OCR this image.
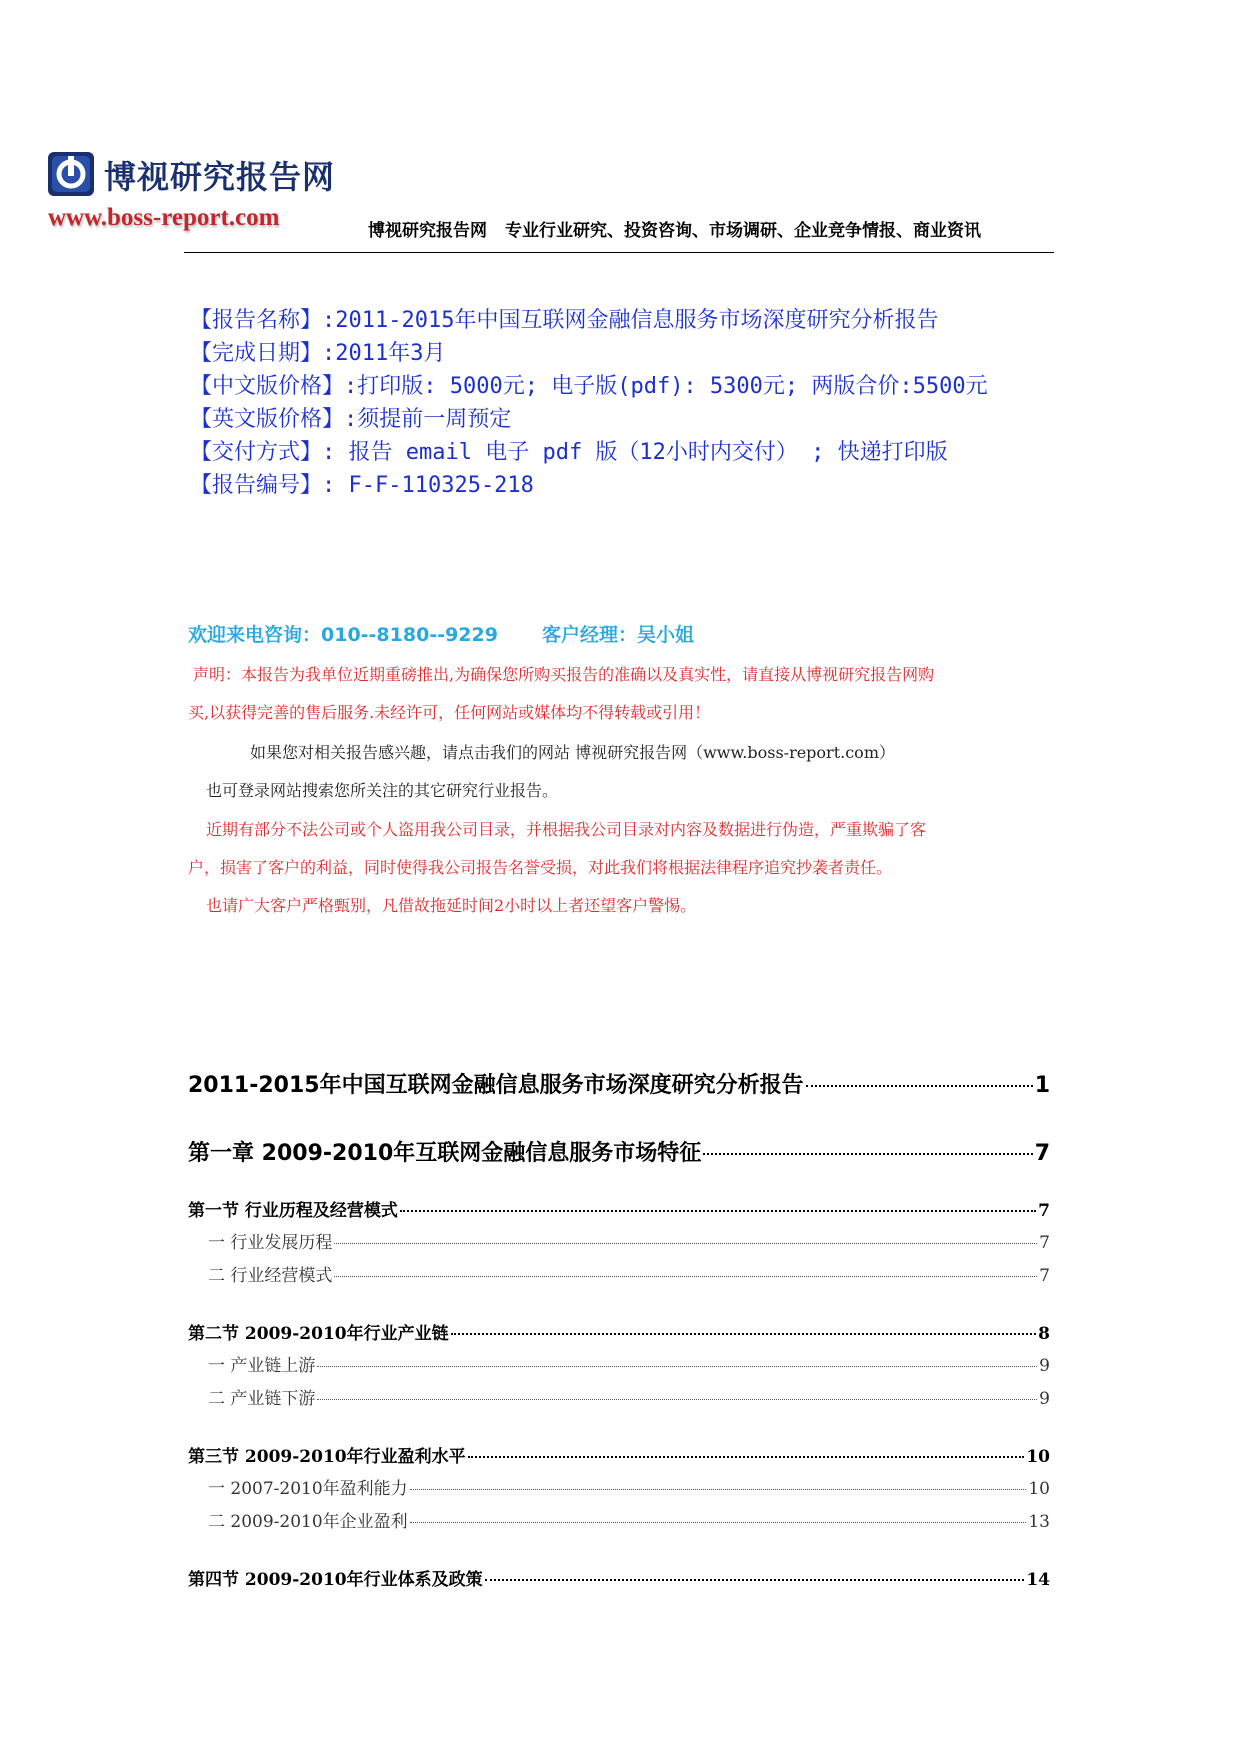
博视研究报告网
www.boss-report.com	博视研究报告网 专业行业研究、投资咨询、市场调研、企业竞争情报、商业资讯
【报告名称】:2011-2015年中国互联网金融信息服务市场深度研究分析报告
【完成日期】:2011年3月
【中文版价格】:打印版: 5000元; 电子版(pdf): 5300元; 两版合价:5500元
【英文版价格】:须提前一周预定
【交付方式】: 报告 email 电子 pdf 版（12小时内交付） ; 快递打印版
【报告编号】: F-F-110325-218
欢迎来电咨询：010--8180--9229 客户经理：吴小姐
声明：本报告为我单位近期重磅推出,为确保您所购买报告的准确以及真实性，请直接从博视研究报告网购
买,以获得完善的售后服务.未经许可，任何网站或媒体均不得转载或引用！
如果您对相关报告感兴趣，请点击我们的网站 博视研究报告网（www.boss-report.com）
也可登录网站搜索您所关注的其它研究行业报告。
近期有部分不法公司或个人盗用我公司目录，并根据我公司目录对内容及数据进行伪造，严重欺骗了客
户，损害了客户的利益，同时使得我公司报告名誉受损，对此我们将根据法律程序追究抄袭者责任。
也请广大客户严格甄别，凡借故拖延时间2小时以上者还望客户警惕。
2011-2015年中国互联网金融信息服务市场深度研究分析报告	1
第一章 2009-2010年互联网金融信息服务市场特征	7
第一节 行业历程及经营模式	7
一 行业发展历程	7
二 行业经营模式	7
第二节 2009-2010年行业产业链	8
一 产业链上游	9
二 产业链下游	9
第三节 2009-2010年行业盈利水平	10
一 2007-2010年盈利能力	10
二 2009-2010年企业盈利	13
第四节 2009-2010年行业体系及政策	14
